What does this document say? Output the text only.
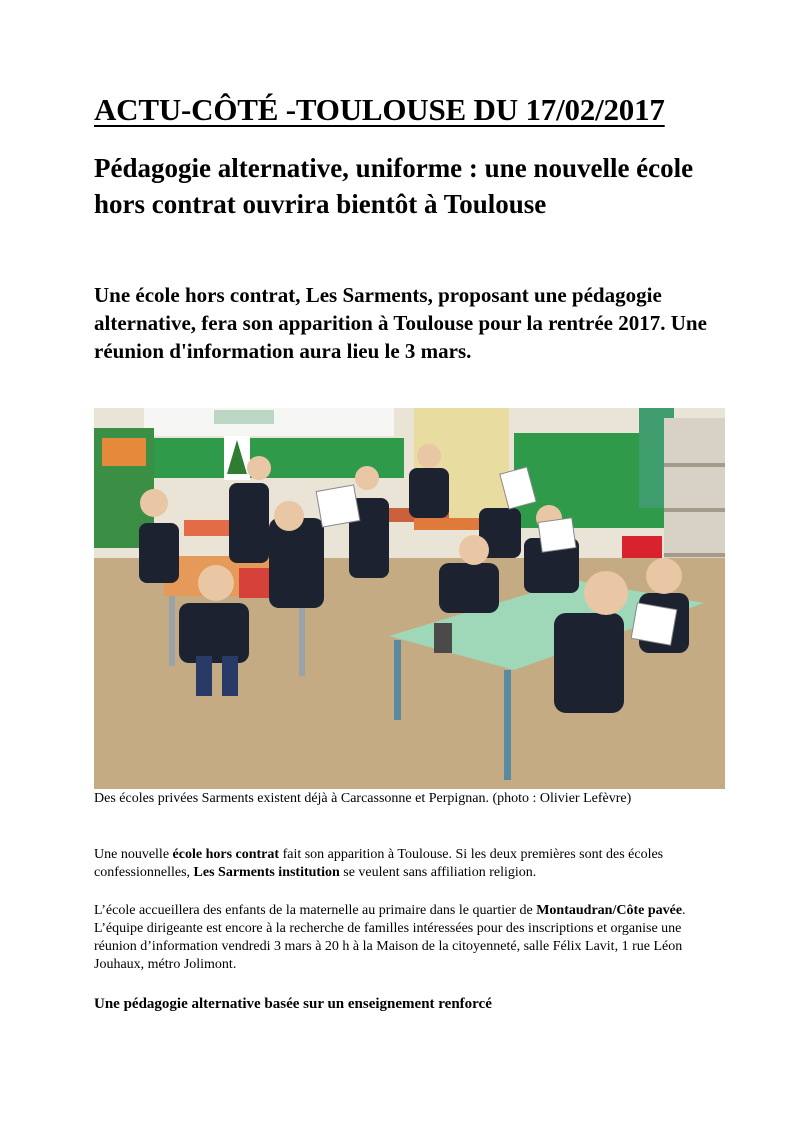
ACTU-CÔTÉ -TOULOUSE DU 17/02/2017
Pédagogie alternative, uniforme : une nouvelle école hors contrat ouvrira bientôt à Toulouse
Une école hors contrat, Les Sarments, proposant une pédagogie alternative, fera son apparition à Toulouse pour la rentrée 2017. Une réunion d'information aura lieu le 3 mars.
Des écoles privées Sarments existent déjà à Carcassonne et Perpignan. (photo : Olivier Lefèvre)
Une nouvelle école hors contrat fait son apparition à Toulouse. Si les deux premières sont des écoles confessionnelles, Les Sarments institution se veulent sans affiliation religion.
L’école accueillera des enfants de la maternelle au primaire dans le quartier de Montaudran/Côte pavée. L’équipe dirigeante est encore à la recherche de familles intéressées pour des inscriptions et organise une réunion d’information vendredi 3 mars à 20 h à la Maison de la citoyenneté, salle Félix Lavit, 1 rue Léon Jouhaux, métro Jolimont.
Une pédagogie alternative basée sur un enseignement renforcé
